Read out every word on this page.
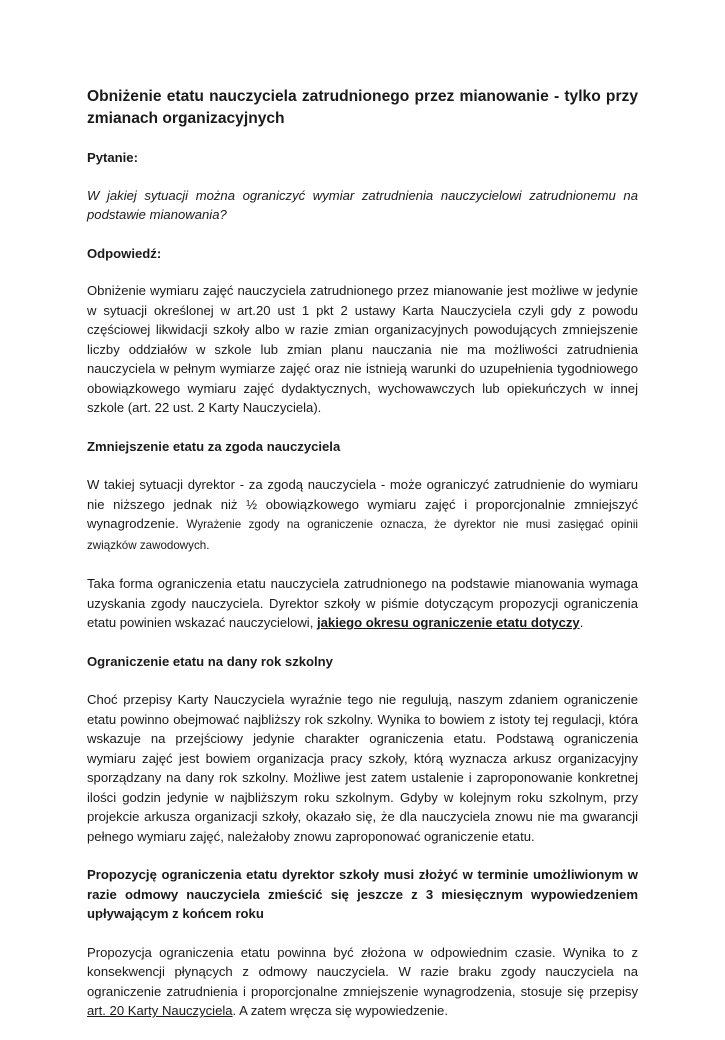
Obniżenie etatu nauczyciela zatrudnionego przez mianowanie - tylko przy zmianach organizacyjnych
Pytanie:
W jakiej sytuacji można ograniczyć wymiar zatrudnienia nauczycielowi zatrudnionemu na podstawie mianowania?
Odpowiedź:

Obniżenie wymiaru zajęć nauczyciela zatrudnionego przez mianowanie jest możliwe w jedynie w sytuacji określonej w art.20 ust 1 pkt 2 ustawy Karta Nauczyciela czyli gdy z powodu częściowej likwidacji szkoły albo w razie zmian organizacyjnych powodujących zmniejszenie liczby oddziałów w szkole lub zmian planu nauczania nie ma możliwości zatrudnienia nauczyciela w pełnym wymiarze zajęć oraz nie istnieją warunki do uzupełnienia tygodniowego obowiązkowego wymiaru zajęć dydaktycznych, wychowawczych lub opiekuńczych w innej szkole (art. 22 ust. 2 Karty Nauczyciela).

Zmniejszenie etatu za zgoda nauczyciela

W takiej sytuacji dyrektor - za zgodą nauczyciela - może ograniczyć zatrudnienie do wymiaru nie niższego jednak niż ½ obowiązkowego wymiaru zajęć i proporcjonalnie zmniejszyć wynagrodzenie. Wyrażenie zgody na ograniczenie oznacza, że dyrektor nie musi zasięgać opinii związków zawodowych.

Taka forma ograniczenia etatu nauczyciela zatrudnionego na podstawie mianowania wymaga uzyskania zgody nauczyciela. Dyrektor szkoły w piśmie dotyczącym propozycji ograniczenia etatu powinien wskazać nauczycielowi, jakiego okresu ograniczenie etatu dotyczy.

Ograniczenie etatu na dany rok szkolny

Choć przepisy Karty Nauczyciela wyraźnie tego nie regulują, naszym zdaniem ograniczenie etatu powinno obejmować najbliższy rok szkolny. Wynika to bowiem z istoty tej regulacji, która wskazuje na przejściowy jedynie charakter ograniczenia etatu. Podstawą ograniczenia wymiaru zajęć jest bowiem organizacja pracy szkoły, którą wyznacza arkusz organizacyjny sporządzany na dany rok szkolny. Możliwe jest zatem ustalenie i zaproponowanie konkretnej ilości godzin jedynie w najbliższym roku szkolnym. Gdyby w kolejnym roku szkolnym, przy projekcie arkusza organizacji szkoły, okazało się, że dla nauczyciela znowu nie ma gwarancji pełnego wymiaru zajęć, należałoby znowu zaproponować ograniczenie etatu.

Propozycję ograniczenia etatu dyrektor szkoły musi złożyć w terminie umożliwionym w razie odmowy nauczyciela zmieścić się jeszcze z 3 miesięcznym wypowiedzeniem upływającym z końcem roku

Propozycja ograniczenia etatu powinna być złożona w odpowiednim czasie. Wynika to z konsekwencji płynących z odmowy nauczyciela. W razie braku zgody nauczyciela na ograniczenie zatrudnienia i proporcjonalne zmniejszenie wynagrodzenia, stosuje się przepisy art. 20 Karty Nauczyciela. A zatem wręcza się wypowiedzenie.
